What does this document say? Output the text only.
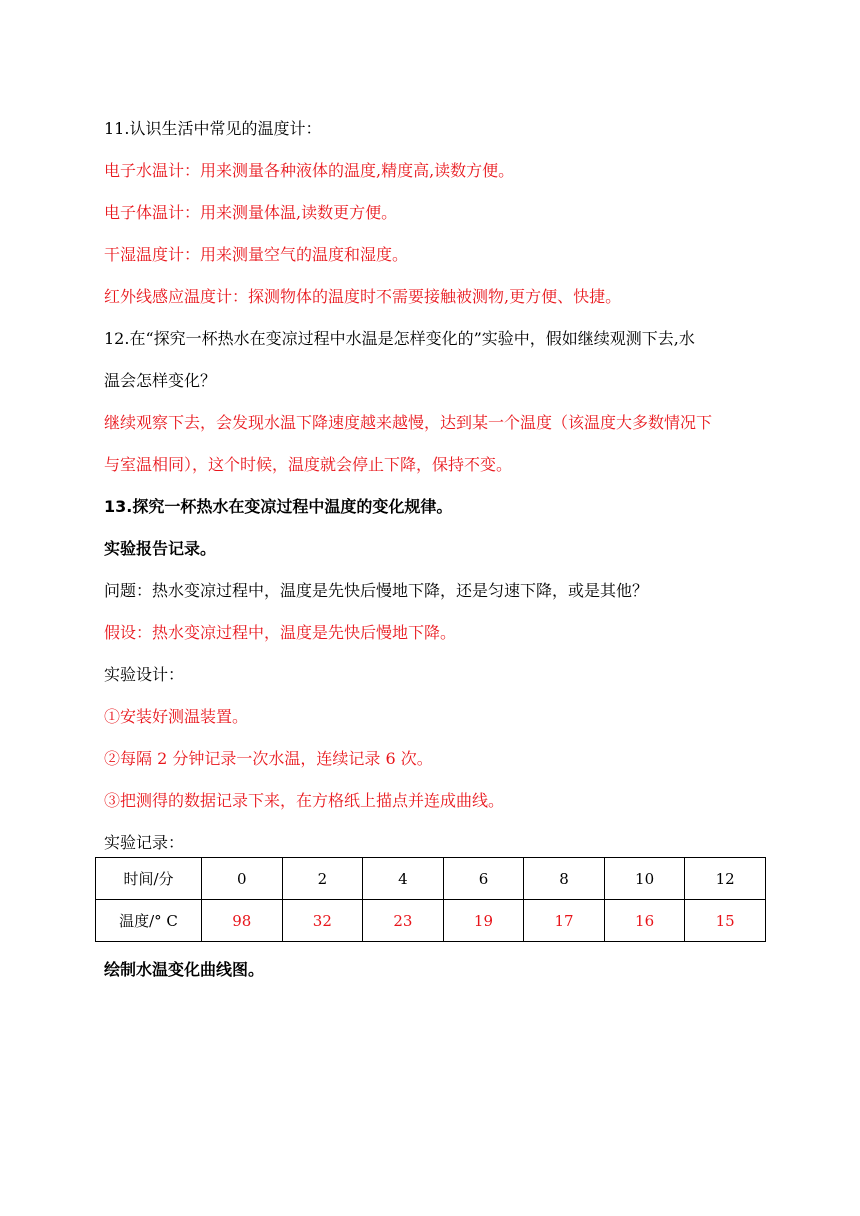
11.认识生活中常见的温度计：
电子水温计：用来测量各种液体的温度,精度高,读数方便。
电子体温计：用来测量体温,读数更方便。
干湿温度计：用来测量空气的温度和湿度。
红外线感应温度计：探测物体的温度时不需要接触被测物,更方便、快捷。
12.在“探究一杯热水在变凉过程中水温是怎样变化的”实验中，假如继续观测下去,水
温会怎样变化？
继续观察下去，会发现水温下降速度越来越慢，达到某一个温度（该温度大多数情况下
与室温相同），这个时候，温度就会停止下降，保持不变。
13.探究一杯热水在变凉过程中温度的变化规律。
实验报告记录。
问题：热水变凉过程中，温度是先快后慢地下降，还是匀速下降，或是其他？
假设：热水变凉过程中，温度是先快后慢地下降。
实验设计：
①安装好测温装置。
②每隔 2 分钟记录一次水温，连续记录 6 次。
③把测得的数据记录下来，在方格纸上描点并连成曲线。
实验记录：
时间/分	0	2	4	6	8	10	12
温度/° C	98	32	23	19	17	16	15
绘制水温变化曲线图。
